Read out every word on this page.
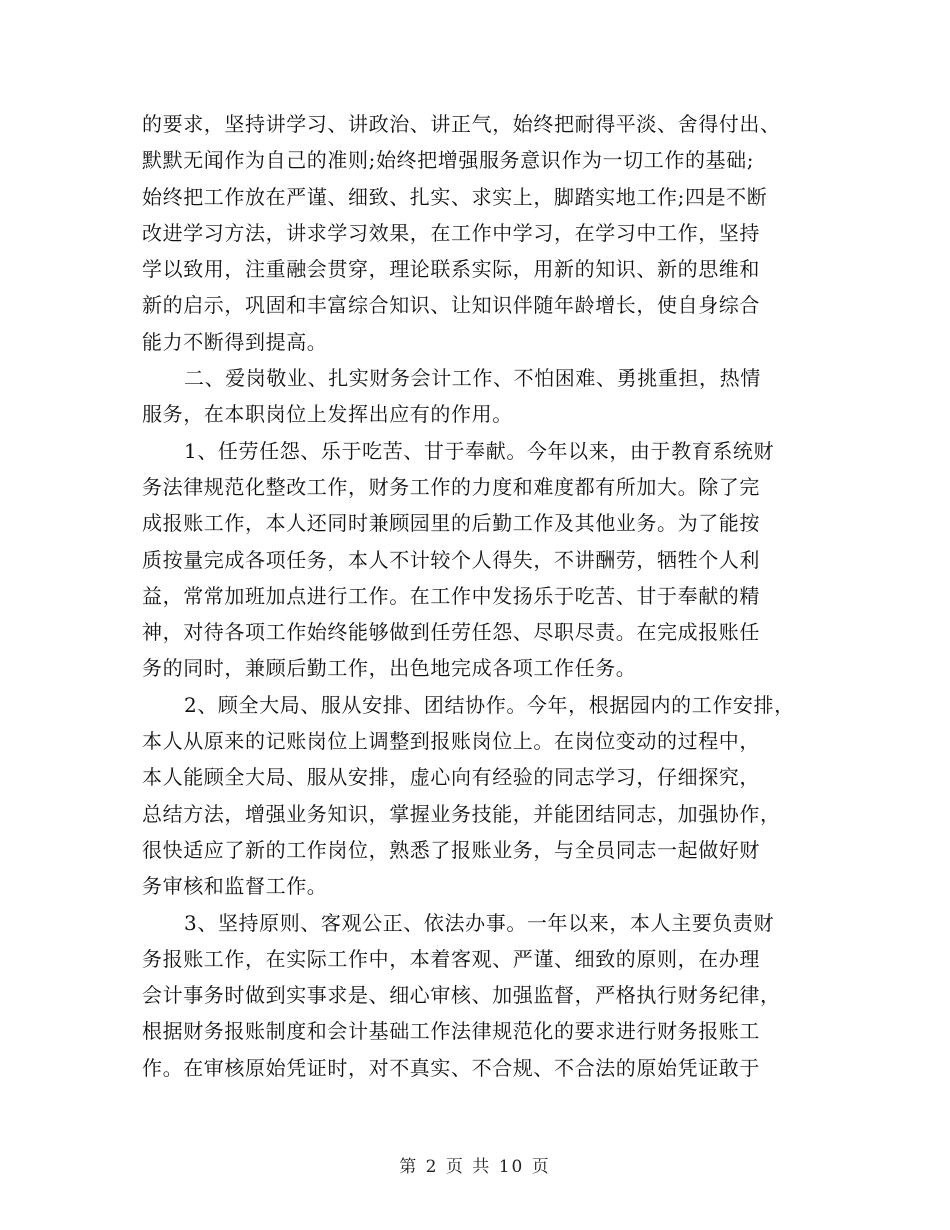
的要求，坚持讲学习、讲政治、讲正气，始终把耐得平淡、舍得付出、
默默无闻作为自己的准则;始终把增强服务意识作为一切工作的基础;
始终把工作放在严谨、细致、扎实、求实上，脚踏实地工作;四是不断
改进学习方法，讲求学习效果，在工作中学习，在学习中工作，坚持
学以致用，注重融会贯穿，理论联系实际，用新的知识、新的思维和
新的启示，巩固和丰富综合知识、让知识伴随年龄增长，使自身综合
能力不断得到提高。
二、爱岗敬业、扎实财务会计工作、不怕困难、勇挑重担，热情
服务，在本职岗位上发挥出应有的作用。
1、任劳任怨、乐于吃苦、甘于奉献。今年以来，由于教育系统财
务法律规范化整改工作，财务工作的力度和难度都有所加大。除了完
成报账工作，本人还同时兼顾园里的后勤工作及其他业务。为了能按
质按量完成各项任务，本人不计较个人得失，不讲酬劳，牺牲个人利
益，常常加班加点进行工作。在工作中发扬乐于吃苦、甘于奉献的精
神，对待各项工作始终能够做到任劳任怨、尽职尽责。在完成报账任
务的同时，兼顾后勤工作，出色地完成各项工作任务。
2、顾全大局、服从安排、团结协作。今年，根据园内的工作安排，
本人从原来的记账岗位上调整到报账岗位上。在岗位变动的过程中，
本人能顾全大局、服从安排，虚心向有经验的同志学习，仔细探究，
总结方法，增强业务知识，掌握业务技能，并能团结同志，加强协作，
很快适应了新的工作岗位，熟悉了报账业务，与全员同志一起做好财
务审核和监督工作。
3、坚持原则、客观公正、依法办事。一年以来，本人主要负责财
务报账工作，在实际工作中，本着客观、严谨、细致的原则，在办理
会计事务时做到实事求是、细心审核、加强监督，严格执行财务纪律，
根据财务报账制度和会计基础工作法律规范化的要求进行财务报账工
作。在审核原始凭证时，对不真实、不合规、不合法的原始凭证敢于
第 2 页 共 10 页
